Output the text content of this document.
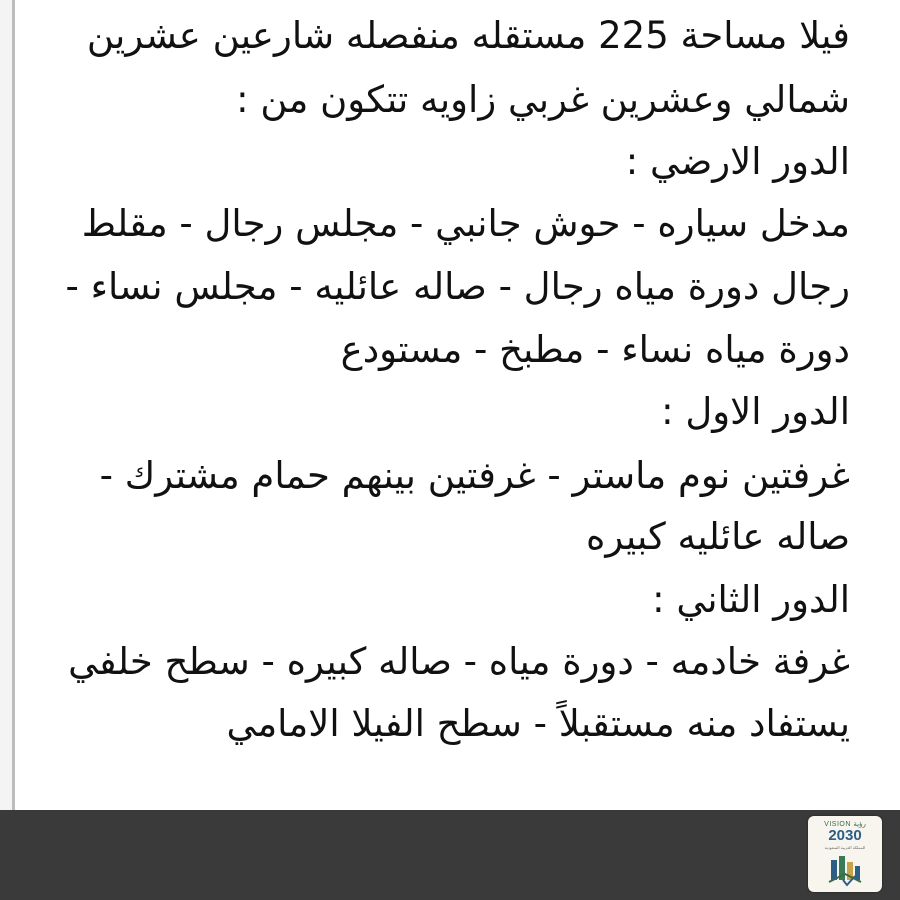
فيلا مساحة 225 مستقله منفصله شارعين عشرين
شمالي وعشرين غربي زاويه تتكون من :
الدور الارضي :
مدخل سياره - حوش جانبي - مجلس رجال - مقلط
رجال دورة مياه رجال - صاله عائليه - مجلس نساء -
دورة مياه نساء - مطبخ - مستودع
الدور الاول :
غرفتين نوم ماستر - غرفتين بينهم حمام مشترك -
صاله عائليه كبيره
الدور الثاني :
غرفة خادمه - دورة مياه - صاله كبيره - سطح خلفي
يستفاد منه مستقبلاً - سطح الفيلا الامامي
VISION رؤية
2030
المملكة العربية السعودية
